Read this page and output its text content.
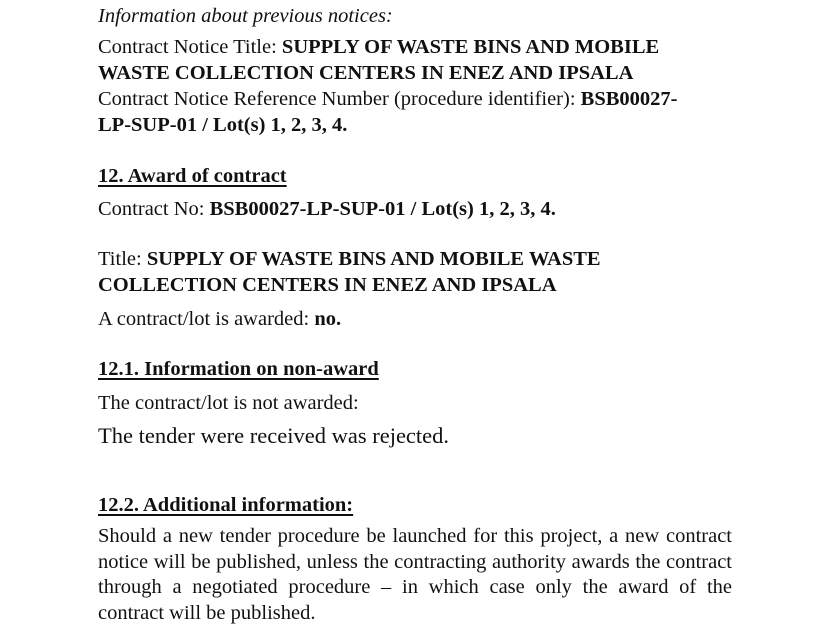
Information about previous notices:

Contract Notice Title: SUPPLY OF WASTE BINS AND MOBILE

WASTE COLLECTION CENTERS IN ENEZ AND IPSALA

Contract Notice Reference Number (procedure identifier): BSB00027-

LP-SUP-01 / Lot(s) 1, 2, 3, 4.

12. Award of contract

Contract No: BSB00027-LP-SUP-01 / Lot(s) 1, 2, 3, 4.

Title: SUPPLY OF WASTE BINS AND MOBILE WASTE

COLLECTION CENTERS IN ENEZ AND IPSALA

A contract/lot is awarded: no.

12.1. Information on non-award

The contract/lot is not awarded:

The tender were received was rejected.

12.2. Additional information:

Should a new tender procedure be launched for this project, a new contract notice will be published, unless the contracting authority awards the contract through a negotiated procedure – in which case only the award of the contract will be published.
